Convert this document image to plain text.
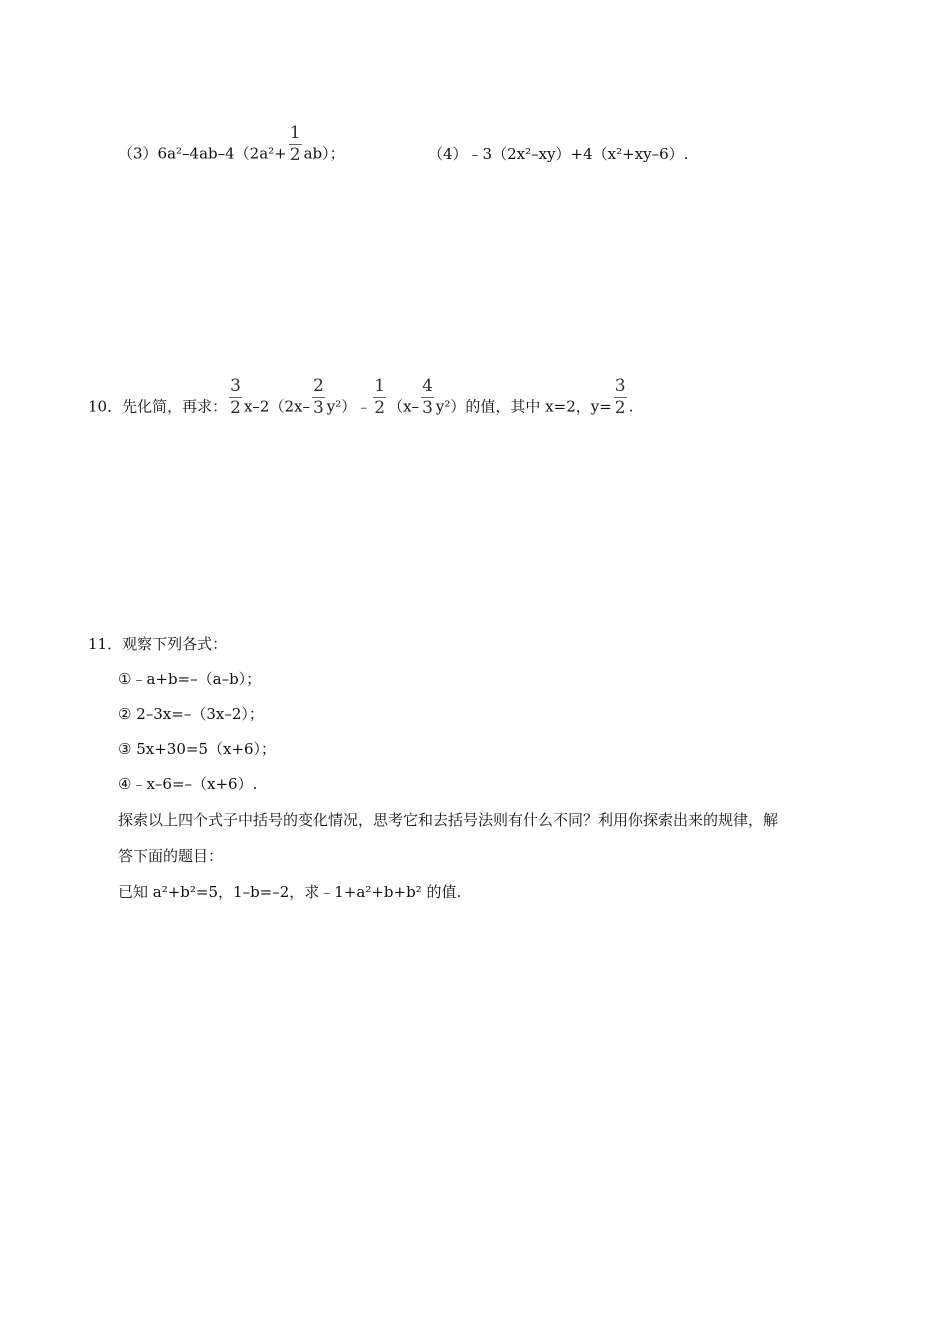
$(3)6a^2-4ab-4(2a^2+ \frac{1}{2} ab)$；	（4）﹣3（2x²–xy）+4（x²+xy–6）.
10．先化简，再求： $\frac{3}{2} x-2(2x- \frac{2}{3}$ y²）﹣ $\frac{1}{2} (x- \frac{4}{3} y^2)$的值，其中 x=2，$y= \frac{3}{2}$ .
11．观察下列各式：
①﹣a+b=–（a–b）；
② 2–3x=–（3x–2）；
③ 5x+30=5（x+6）；
④﹣x–6=–（x+6）.
探索以上四个式子中括号的变化情况，思考它和去括号法则有什么不同？利用你探索出来的规律，解
答下面的题目：
已知 a²+b²=5，1–b=–2，求﹣1+a²+b+b² 的值.
